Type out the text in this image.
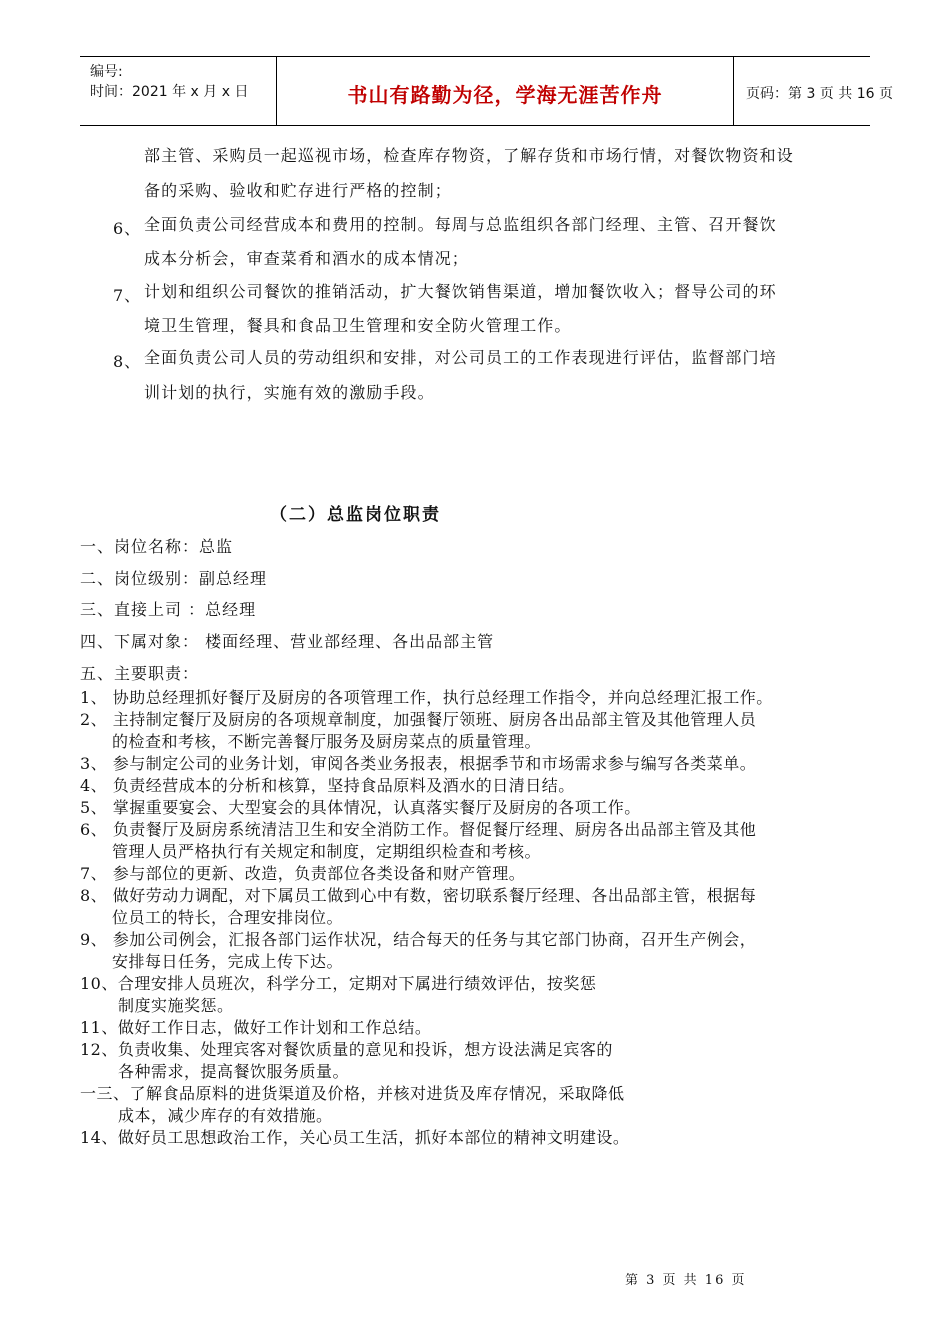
编号:
时间：2021 年 x 月 x 日	书山有路勤为径，学海无涯苦作舟	页码：第 3 页 共 16 页
部主管、采购员一起巡视市场，检查库存物资，了解存货和市场行情，对餐饮物资和设
备的采购、验收和贮存进行严格的控制；
6、 全面负责公司经营成本和费用的控制。每周与总监组织各部门经理、主管、召开餐饮
成本分析会，审查菜肴和酒水的成本情况；
7、 计划和组织公司餐饮的推销活动，扩大餐饮销售渠道，增加餐饮收入；督导公司的环
境卫生管理，餐具和食品卫生管理和安全防火管理工作。
8、 全面负责公司人员的劳动组织和安排，对公司员工的工作表现进行评估，监督部门培
训计划的执行，实施有效的激励手段。
（二）总监岗位职责
一、岗位名称：总监
二、岗位级别：副总经理
三、直接上司 ：总经理
四、下属对象： 楼面经理、营业部经理、各出品部主管
五、主要职责：
1、 协助总经理抓好餐厅及厨房的各项管理工作，执行总经理工作指令，并向总经理汇报工作。
2、 主持制定餐厅及厨房的各项规章制度，加强餐厅领班、厨房各出品部主管及其他管理人员
的检查和考核，不断完善餐厅服务及厨房菜点的质量管理。
3、 参与制定公司的业务计划，审阅各类业务报表，根据季节和市场需求参与编写各类菜单。
4、 负责经营成本的分析和核算，坚持食品原料及酒水的日清日结。
5、 掌握重要宴会、大型宴会的具体情况，认真落实餐厅及厨房的各项工作。
6、 负责餐厅及厨房系统清洁卫生和安全消防工作。督促餐厅经理、厨房各出品部主管及其他
管理人员严格执行有关规定和制度，定期组织检查和考核。
7、 参与部位的更新、改造，负责部位各类设备和财产管理。
8、 做好劳动力调配，对下属员工做到心中有数，密切联系餐厅经理、各出品部主管，根据每
位员工的特长，合理安排岗位。
9、 参加公司例会，汇报各部门运作状况，结合每天的任务与其它部门协商，召开生产例会，
安排每日任务，完成上传下达。
10、合理安排人员班次，科学分工，定期对下属进行绩效评估，按奖惩
制度实施奖惩。
11、做好工作日志，做好工作计划和工作总结。
12、负责收集、处理宾客对餐饮质量的意见和投诉，想方设法满足宾客的
各种需求，提高餐饮服务质量。
一三、了解食品原料的进货渠道及价格，并核对进货及库存情况，采取降低
成本，减少库存的有效措施。
14、做好员工思想政治工作，关心员工生活，抓好本部位的精神文明建设。
第 3 页 共 16 页
